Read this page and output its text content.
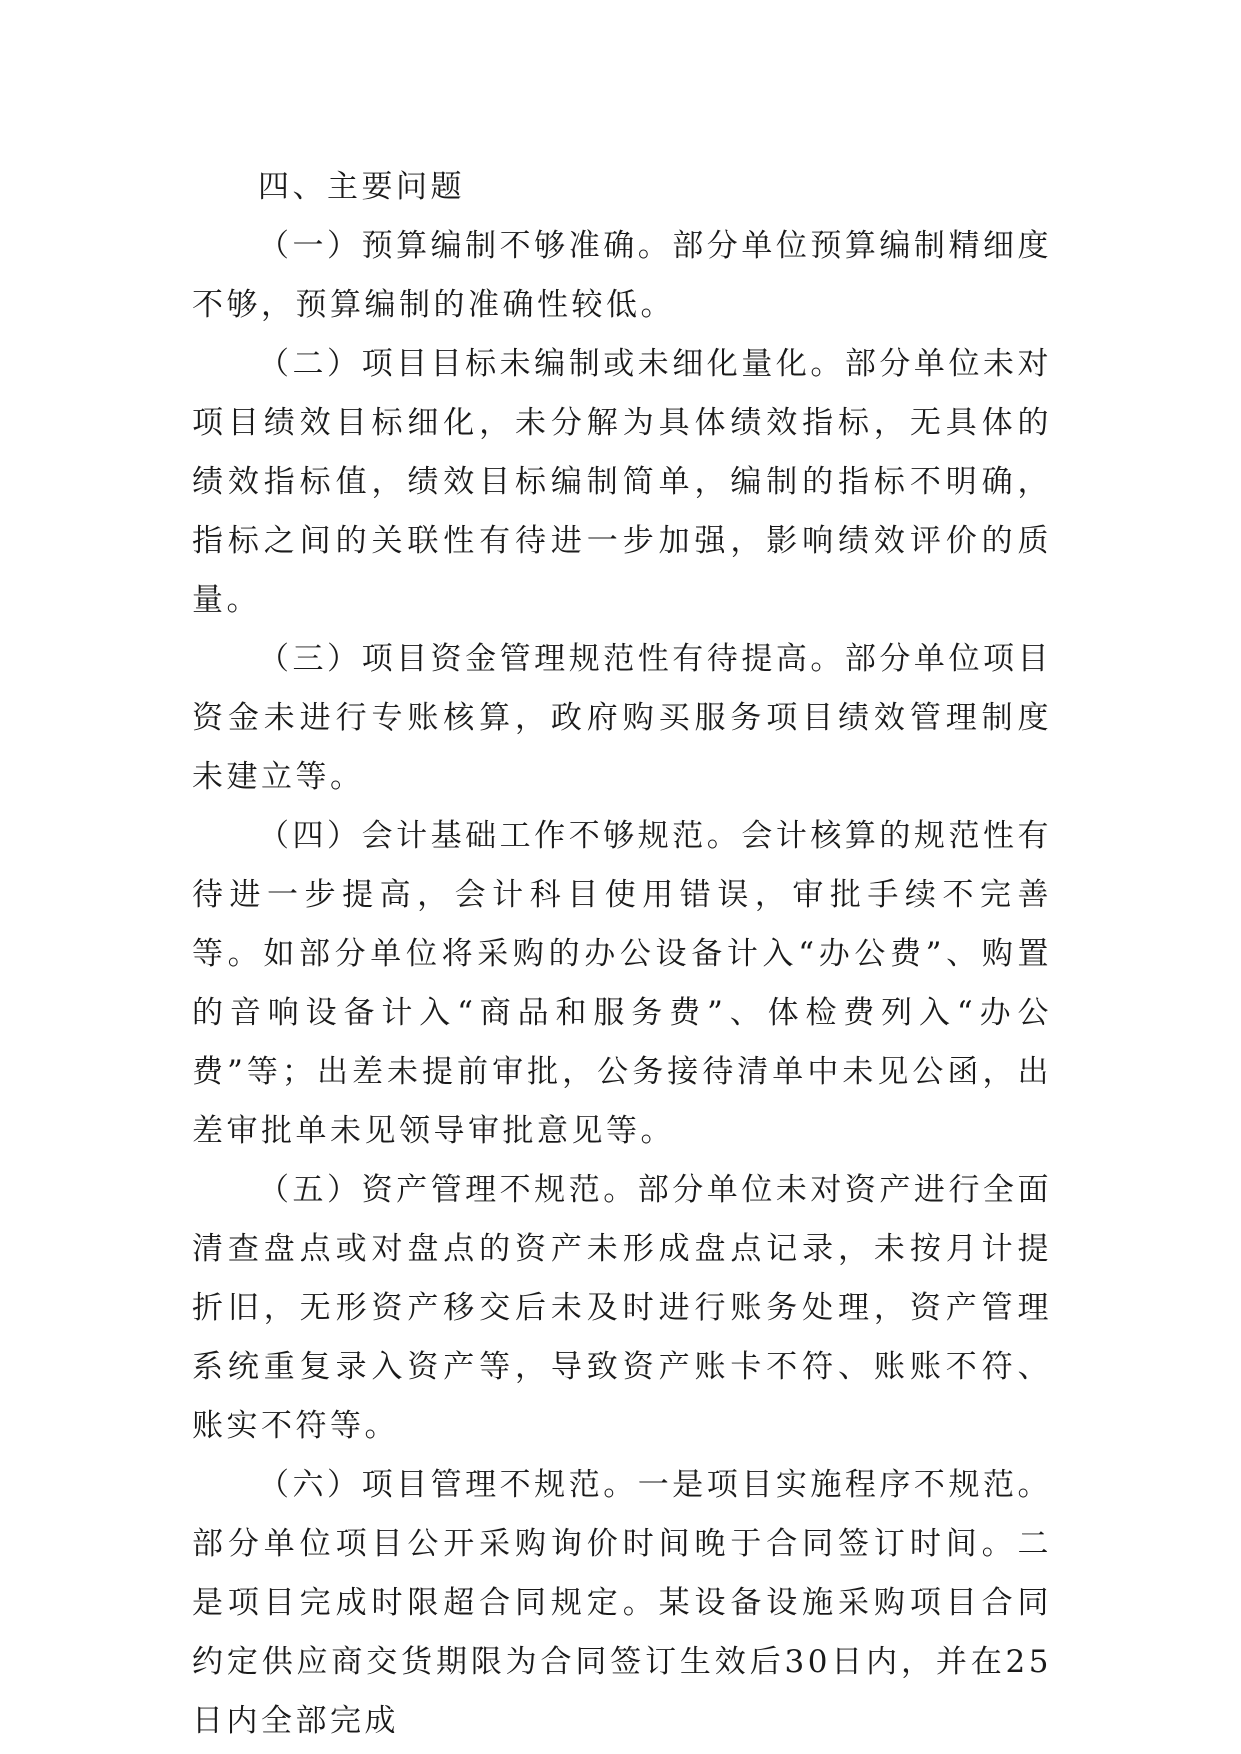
四、主要问题

（一）预算编制不够准确。部分单位预算编制精细度不够，预算编制的准确性较低。

（二）项目目标未编制或未细化量化。部分单位未对项目绩效目标细化，未分解为具体绩效指标，无具体的绩效指标值，绩效目标编制简单，编制的指标不明确，指标之间的关联性有待进一步加强，影响绩效评价的质量。

（三）项目资金管理规范性有待提高。部分单位项目资金未进行专账核算，政府购买服务项目绩效管理制度未建立等。

（四）会计基础工作不够规范。会计核算的规范性有待进一步提高，会计科目使用错误，审批手续不完善等。如部分单位将采购的办公设备计入“办公费”、购置的音响设备计入“商品和服务费”、体检费列入“办公费”等；出差未提前审批，公务接待清单中未见公函，出差审批单未见领导审批意见等。

（五）资产管理不规范。部分单位未对资产进行全面清查盘点或对盘点的资产未形成盘点记录，未按月计提折旧，无形资产移交后未及时进行账务处理，资产管理系统重复录入资产等，导致资产账卡不符、账账不符、账实不符等。

（六）项目管理不规范。一是项目实施程序不规范。部分单位项目公开采购询价时间晚于合同签订时间。二是项目完成时限超合同规定。某设备设施采购项目合同约定供应商交货期限为合同签订生效后30日内，并在25日内全部完成
